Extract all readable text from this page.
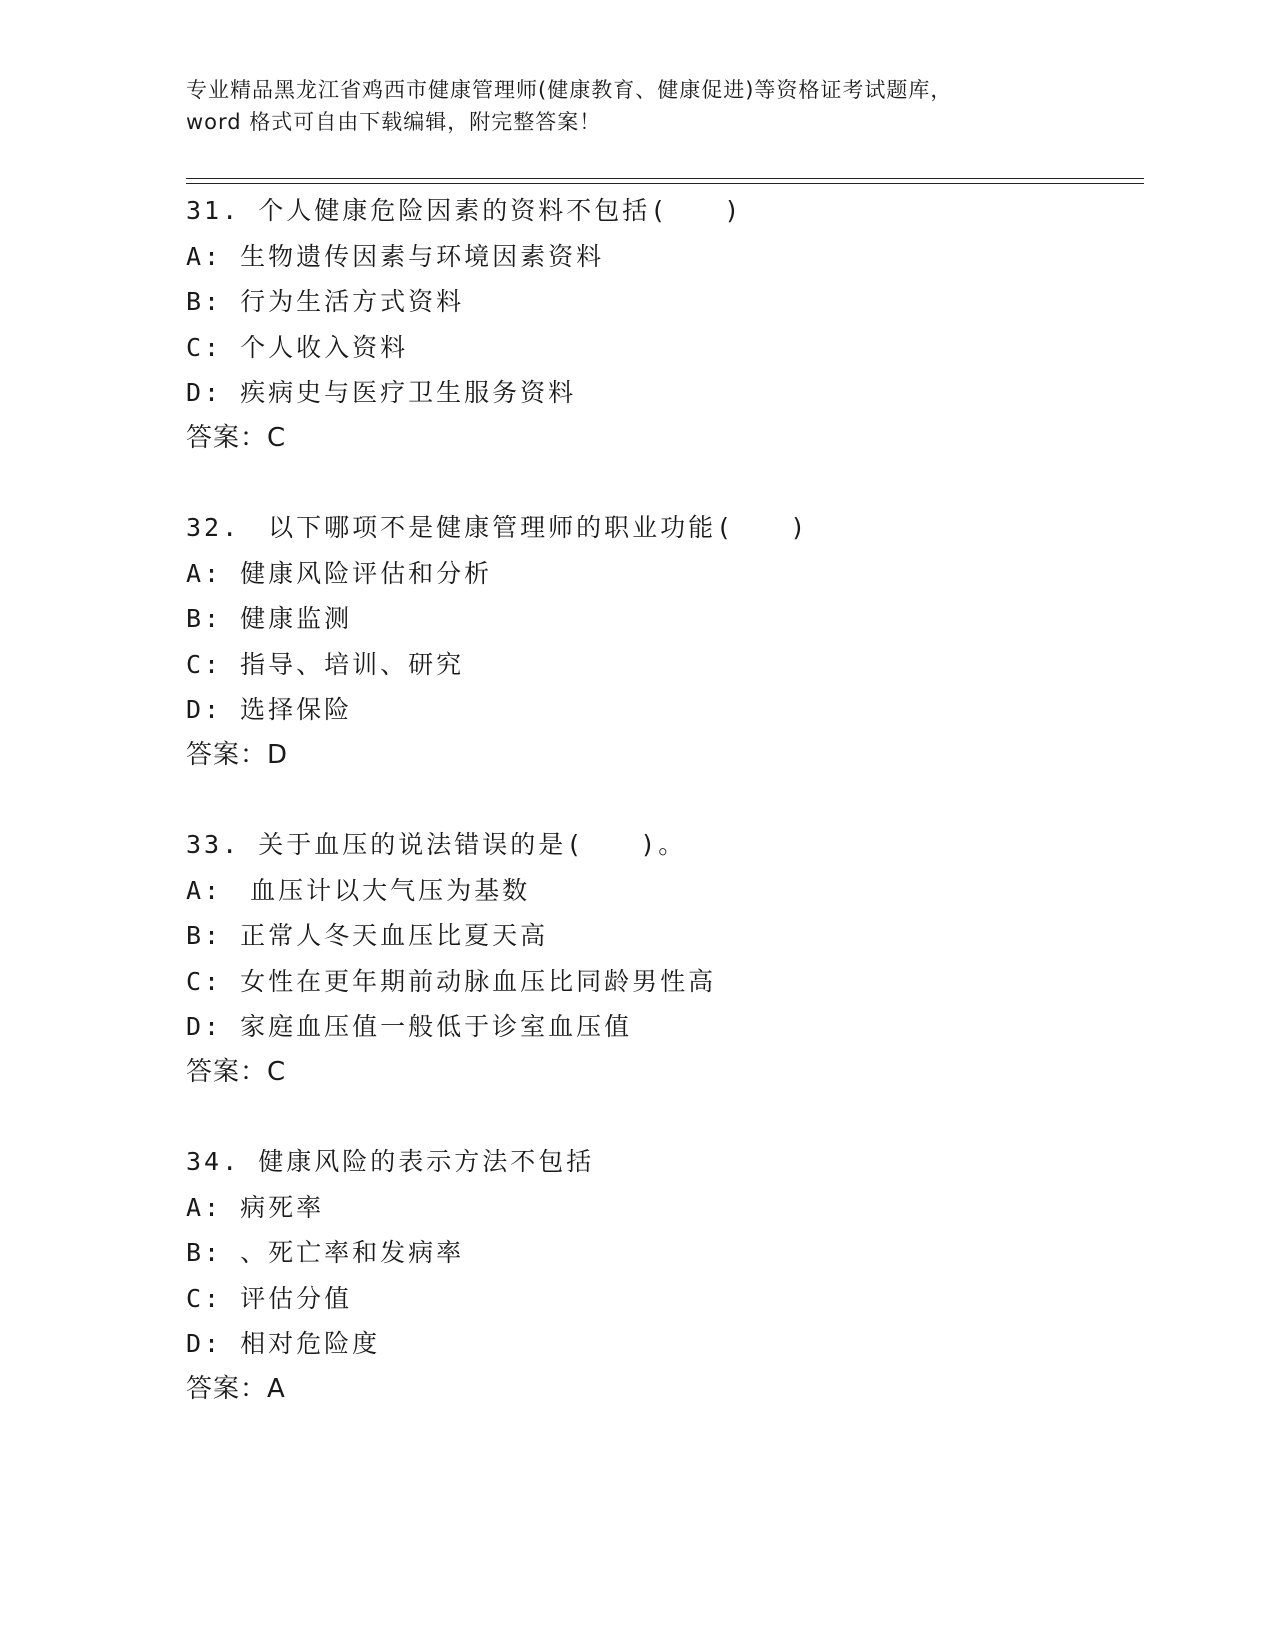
专业精品黑龙江省鸡西市健康管理师(健康教育、健康促进)等资格证考试题库，
word 格式可自由下载编辑，附完整答案！
31. 个人健康危险因素的资料不包括(　　)
A: 生物遗传因素与环境因素资料
B: 行为生活方式资料
C: 个人收入资料
D: 疾病史与医疗卫生服务资料
答案：C
32.　以下哪项不是健康管理师的职业功能(　　)
A: 健康风险评估和分析
B: 健康监测
C: 指导、培训、研究
D: 选择保险
答案：D
33. 关于血压的说法错误的是(　　)。
A:　血压计以大气压为基数
B: 正常人冬天血压比夏天高
C: 女性在更年期前动脉血压比同龄男性高
D: 家庭血压值一般低于诊室血压值
答案：C
34. 健康风险的表示方法不包括
A: 病死率
B: 、死亡率和发病率
C: 评估分值
D: 相对危险度
答案：A
